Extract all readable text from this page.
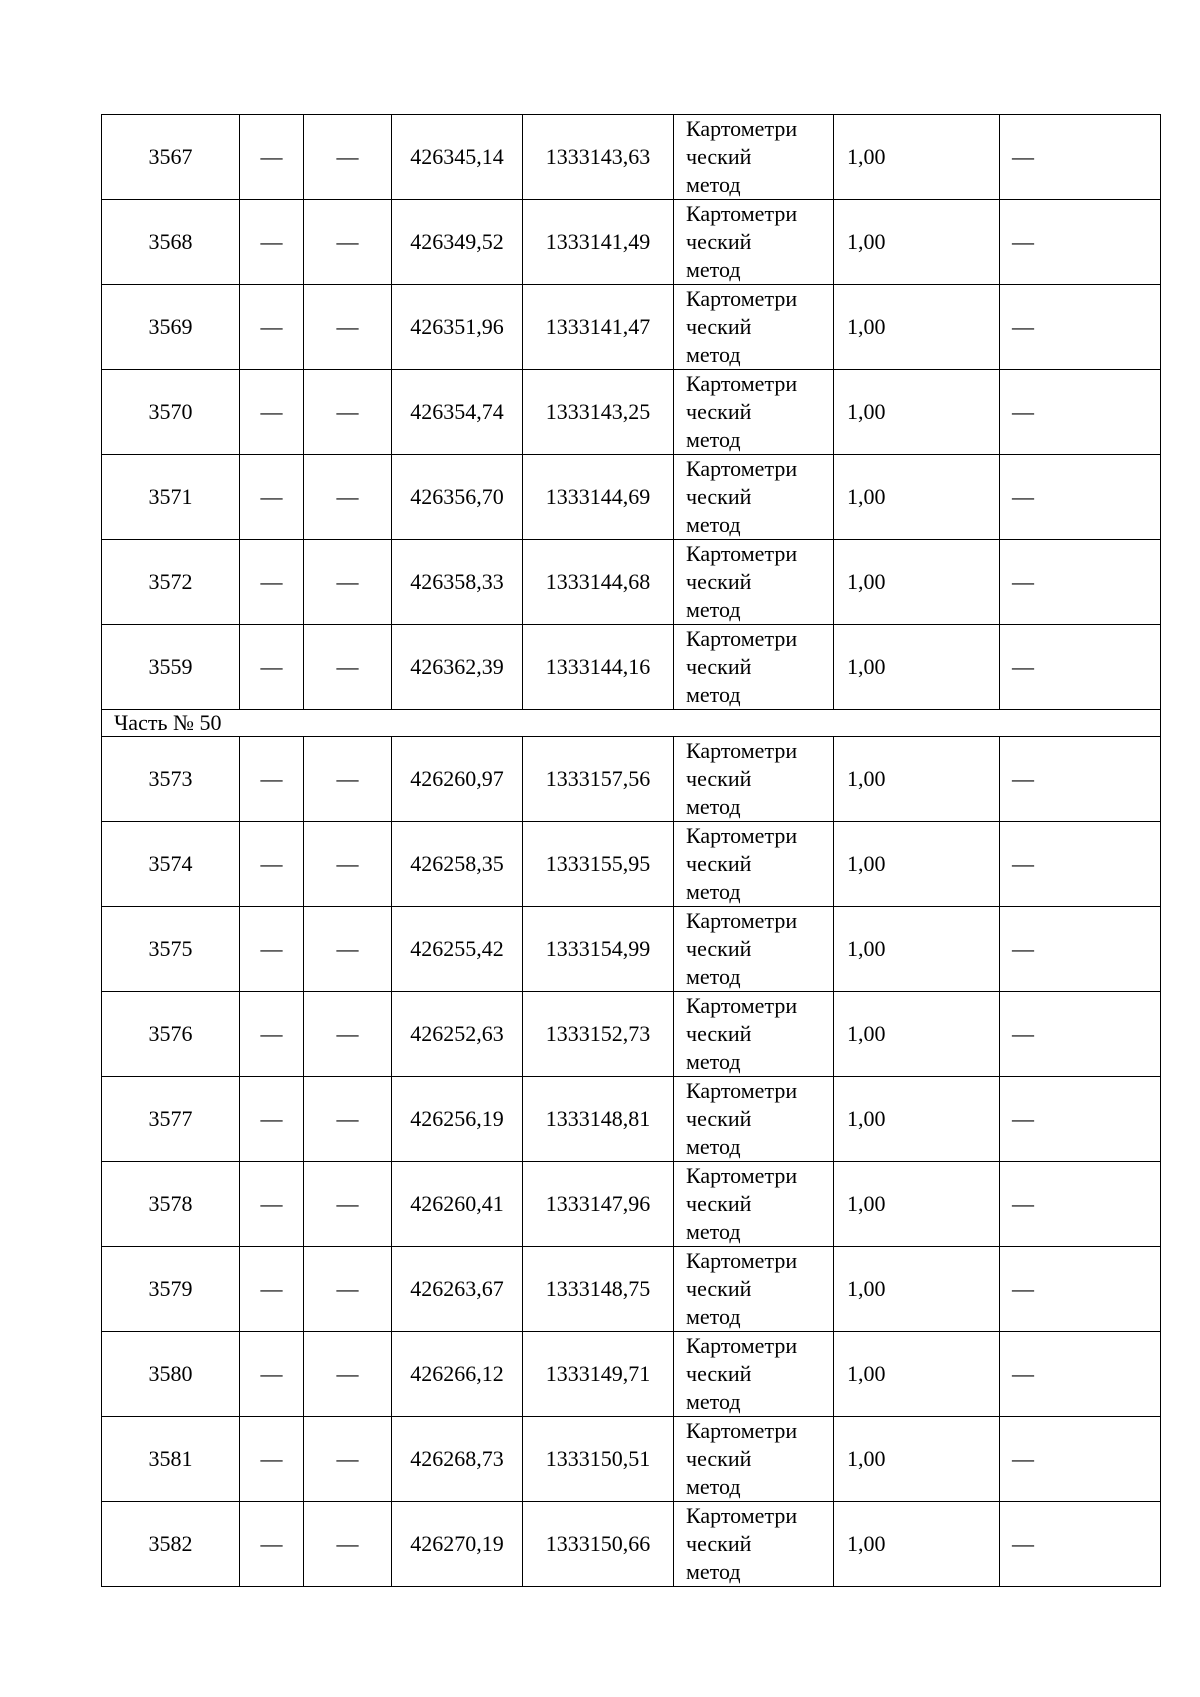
3567	—	—	426345,14	1333143,63	Картометри
ческий
метод	1,00	—
3568	—	—	426349,52	1333141,49	Картометри
ческий
метод	1,00	—
3569	—	—	426351,96	1333141,47	Картометри
ческий
метод	1,00	—
3570	—	—	426354,74	1333143,25	Картометри
ческий
метод	1,00	—
3571	—	—	426356,70	1333144,69	Картометри
ческий
метод	1,00	—
3572	—	—	426358,33	1333144,68	Картометри
ческий
метод	1,00	—
3559	—	—	426362,39	1333144,16	Картометри
ческий
метод	1,00	—
Часть № 50							
3573	—	—	426260,97	1333157,56	Картометри
ческий
метод	1,00	—
3574	—	—	426258,35	1333155,95	Картометри
ческий
метод	1,00	—
3575	—	—	426255,42	1333154,99	Картометри
ческий
метод	1,00	—
3576	—	—	426252,63	1333152,73	Картометри
ческий
метод	1,00	—
3577	—	—	426256,19	1333148,81	Картометри
ческий
метод	1,00	—
3578	—	—	426260,41	1333147,96	Картометри
ческий
метод	1,00	—
3579	—	—	426263,67	1333148,75	Картометри
ческий
метод	1,00	—
3580	—	—	426266,12	1333149,71	Картометри
ческий
метод	1,00	—
3581	—	—	426268,73	1333150,51	Картометри
ческий
метод	1,00	—
3582	—	—	426270,19	1333150,66	Картометри
ческий
метод	1,00	—
